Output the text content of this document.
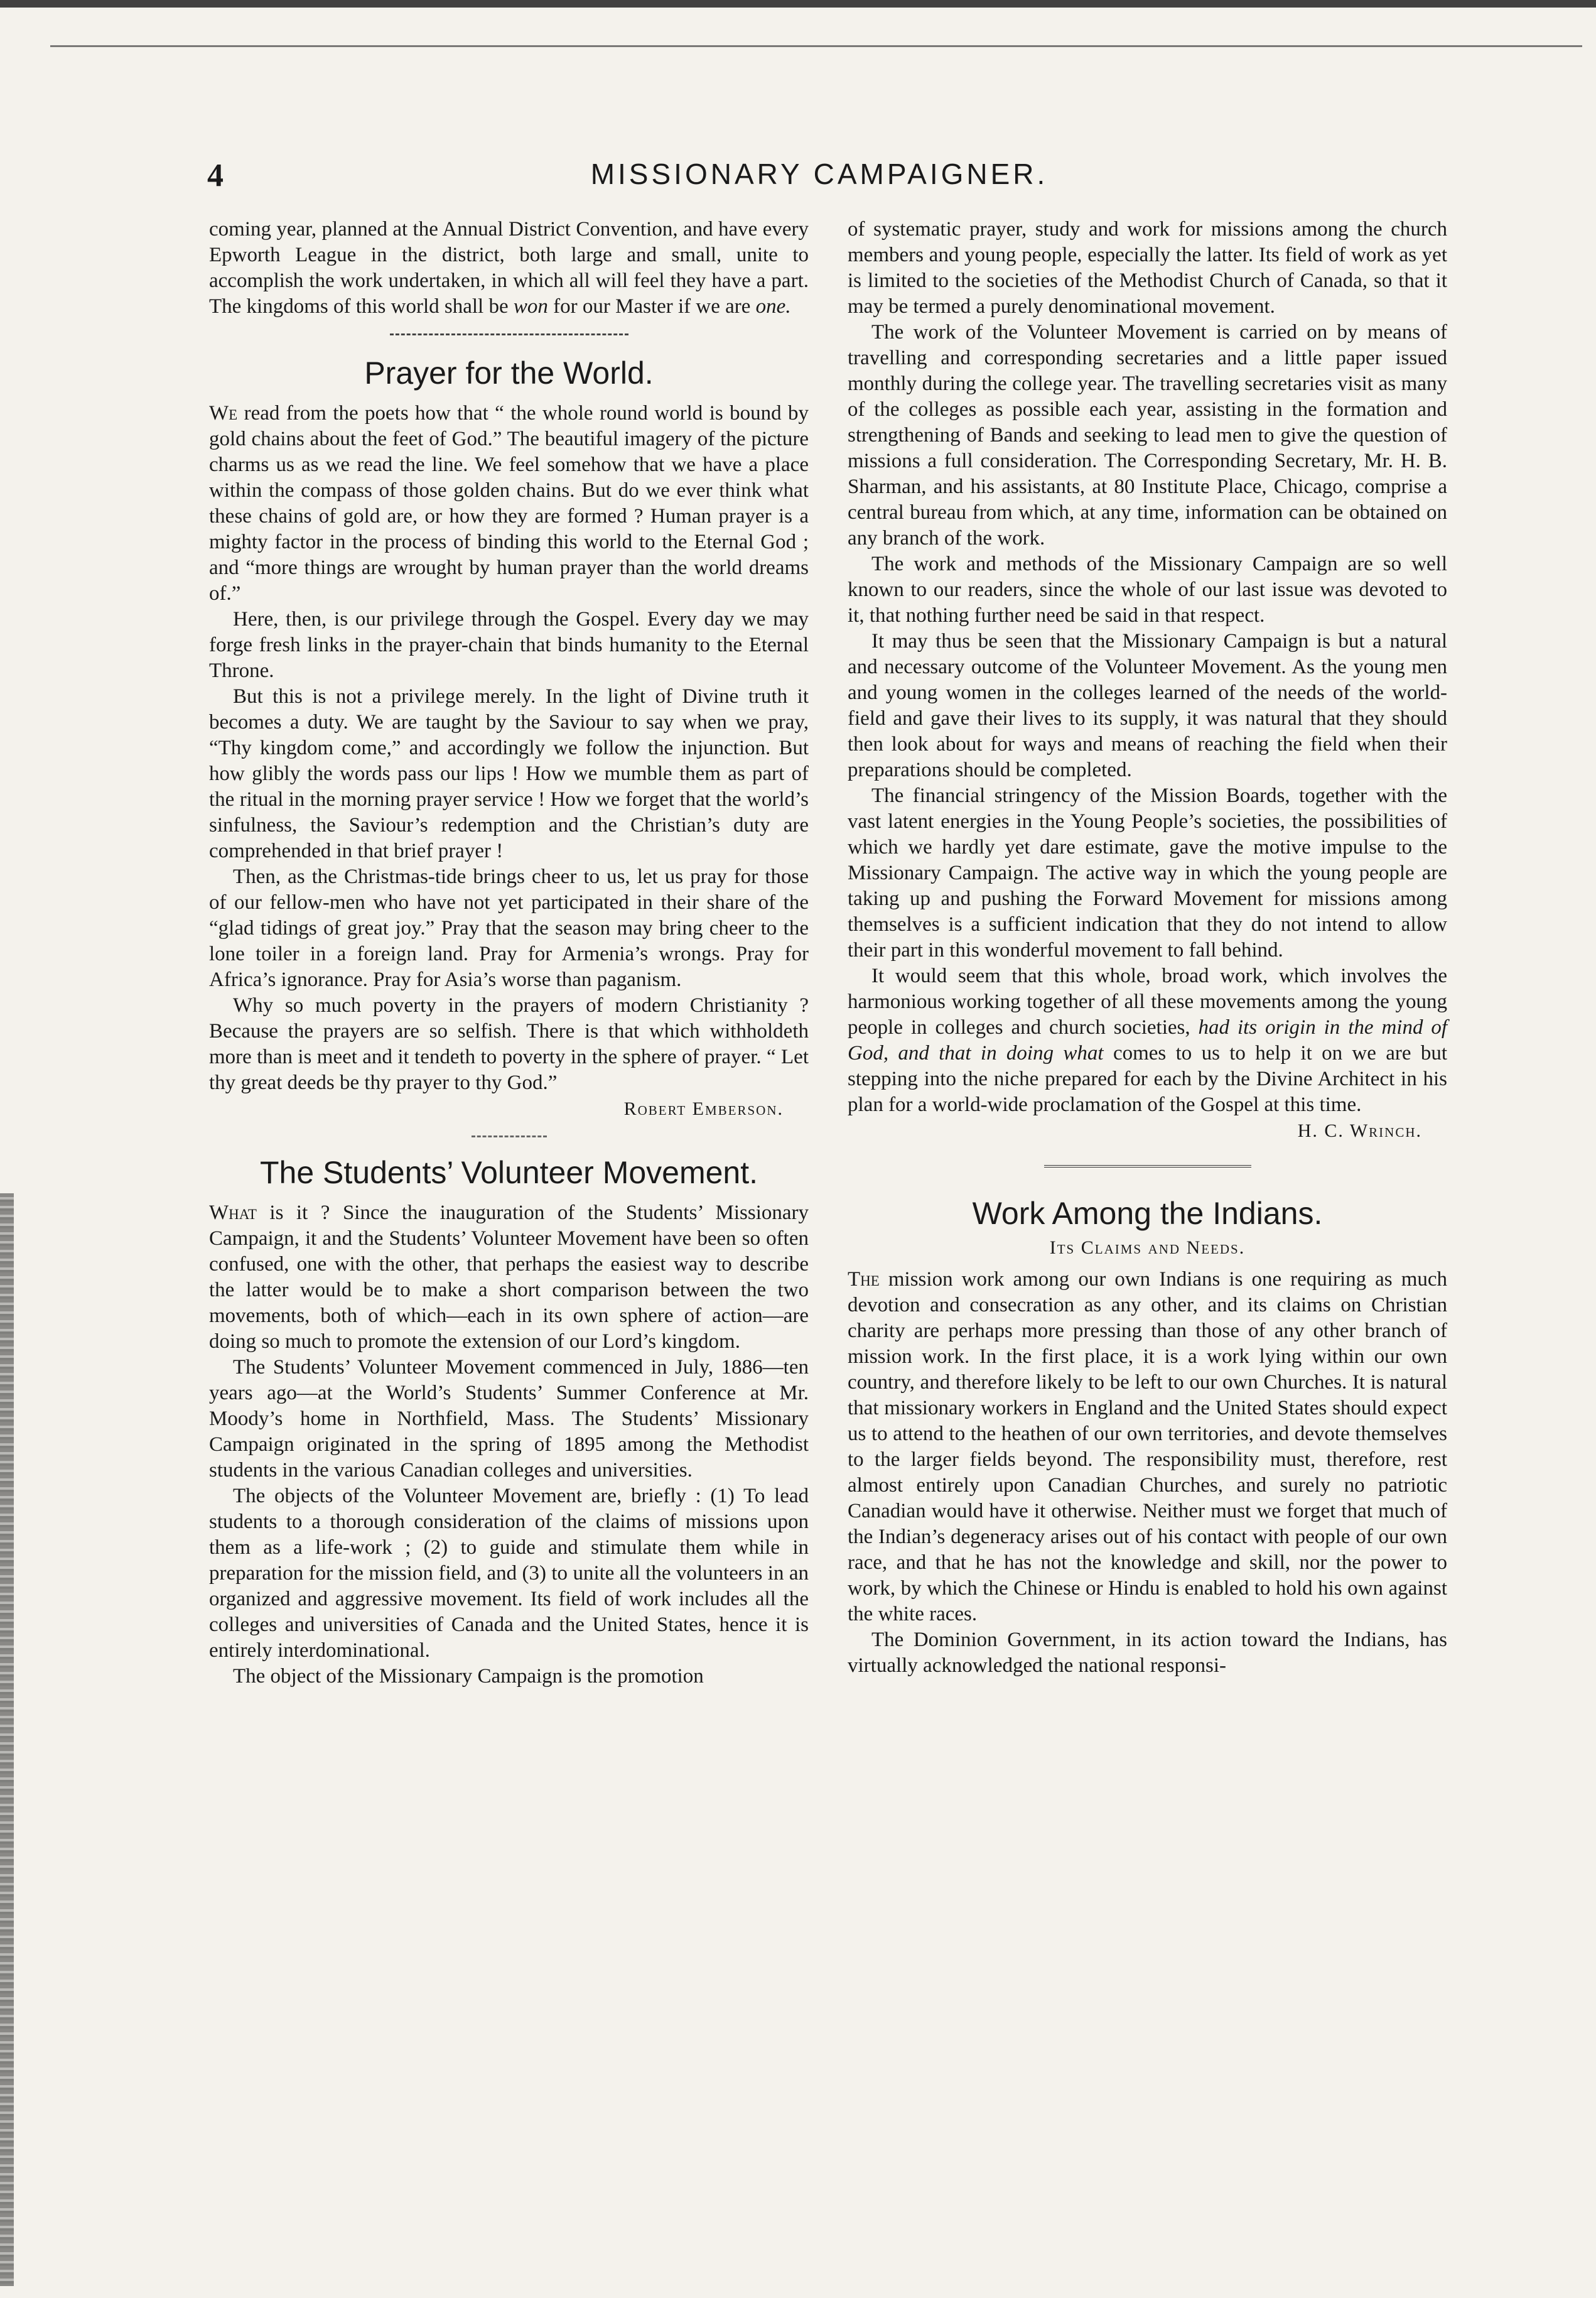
4	MISSIONARY CAMPAIGNER.

coming year, planned at the Annual District Convention, and have every Epworth League in the district, both large and small, unite to accomplish the work undertaken, in which all will feel they have a part. The kingdoms of this world shall be won for our Master if we are one.

Prayer for the World.

We read from the poets how that “ the whole round world is bound by gold chains about the feet of God.” The beautiful imagery of the picture charms us as we read the line. We feel somehow that we have a place within the compass of those golden chains. But do we ever think what these chains of gold are, or how they are formed ? Human prayer is a mighty factor in the process of binding this world to the Eternal God ; and “more things are wrought by human prayer than the world dreams of.”

Here, then, is our privilege through the Gospel. Every day we may forge fresh links in the prayer-chain that binds humanity to the Eternal Throne.

But this is not a privilege merely. In the light of Divine truth it becomes a duty. We are taught by the Saviour to say when we pray, “Thy kingdom come,” and accordingly we follow the injunction. But how glibly the words pass our lips ! How we mumble them as part of the ritual in the morning prayer service ! How we forget that the world’s sinfulness, the Saviour’s redemption and the Christian’s duty are comprehended in that brief prayer !

Then, as the Christmas-tide brings cheer to us, let us pray for those of our fellow-men who have not yet participated in their share of the “glad tidings of great joy.” Pray that the season may bring cheer to the lone toiler in a foreign land. Pray for Armenia’s wrongs. Pray for Africa’s ignorance. Pray for Asia’s worse than paganism.

Why so much poverty in the prayers of modern Christianity ? Because the prayers are so selfish. There is that which withholdeth more than is meet and it tendeth to poverty in the sphere of prayer. “ Let thy great deeds be thy prayer to thy God.”

Robert Emberson.
The Students’ Volunteer Movement.

What is it ? Since the inauguration of the Students’ Missionary Campaign, it and the Students’ Volunteer Movement have been so often confused, one with the other, that perhaps the easiest way to describe the latter would be to make a short comparison between the two movements, both of which—each in its own sphere of action—are doing so much to promote the extension of our Lord’s kingdom.

The Students’ Volunteer Movement commenced in July, 1886—ten years ago—at the World’s Students’ Summer Conference at Mr. Moody’s home in Northfield, Mass. The Students’ Missionary Campaign originated in the spring of 1895 among the Methodist students in the various Canadian colleges and universities.

The objects of the Volunteer Movement are, briefly : (1) To lead students to a thorough consideration of the claims of missions upon them as a life-work ; (2) to guide and stimulate them while in preparation for the mission field, and (3) to unite all the volunteers in an organized and aggressive movement. Its field of work includes all the colleges and universities of Canada and the United States, hence it is entirely interdominational.

The object of the Missionary Campaign is the promotion

of systematic prayer, study and work for missions among the church members and young people, especially the latter. Its field of work as yet is limited to the societies of the Methodist Church of Canada, so that it may be termed a purely denominational movement.

The work of the Volunteer Movement is carried on by means of travelling and corresponding secretaries and a little paper issued monthly during the college year. The travelling secretaries visit as many of the colleges as possible each year, assisting in the formation and strengthening of Bands and seeking to lead men to give the question of missions a full consideration. The Corresponding Secretary, Mr. H. B. Sharman, and his assistants, at 80 Institute Place, Chicago, comprise a central bureau from which, at any time, information can be obtained on any branch of the work.

The work and methods of the Missionary Campaign are so well known to our readers, since the whole of our last issue was devoted to it, that nothing further need be said in that respect.

It may thus be seen that the Missionary Campaign is but a natural and necessary outcome of the Volunteer Movement. As the young men and young women in the colleges learned of the needs of the world-field and gave their lives to its supply, it was natural that they should then look about for ways and means of reaching the field when their preparations should be completed.

The financial stringency of the Mission Boards, together with the vast latent energies in the Young People’s societies, the possibilities of which we hardly yet dare estimate, gave the motive impulse to the Missionary Campaign. The active way in which the young people are taking up and pushing the Forward Movement for missions among themselves is a sufficient indication that they do not intend to allow their part in this wonderful movement to fall behind.

It would seem that this whole, broad work, which involves the harmonious working together of all these movements among the young people in colleges and church societies, had its origin in the mind of God, and that in doing what comes to us to help it on we are but stepping into the niche prepared for each by the Divine Architect in his plan for a world-wide proclamation of the Gospel at this time.

H. C. Wrinch.
Work Among the Indians.
Its Claims and Needs.

The mission work among our own Indians is one requiring as much devotion and consecration as any other, and its claims on Christian charity are perhaps more pressing than those of any other branch of mission work. In the first place, it is a work lying within our own country, and therefore likely to be left to our own Churches. It is natural that missionary workers in England and the United States should expect us to attend to the heathen of our own territories, and devote themselves to the larger fields beyond. The responsibility must, therefore, rest almost entirely upon Canadian Churches, and surely no patriotic Canadian would have it otherwise. Neither must we forget that much of the Indian’s degeneracy arises out of his contact with people of our own race, and that he has not the knowledge and skill, nor the power to work, by which the Chinese or Hindu is enabled to hold his own against the white races.

The Dominion Government, in its action toward the Indians, has virtually acknowledged the national responsi-
